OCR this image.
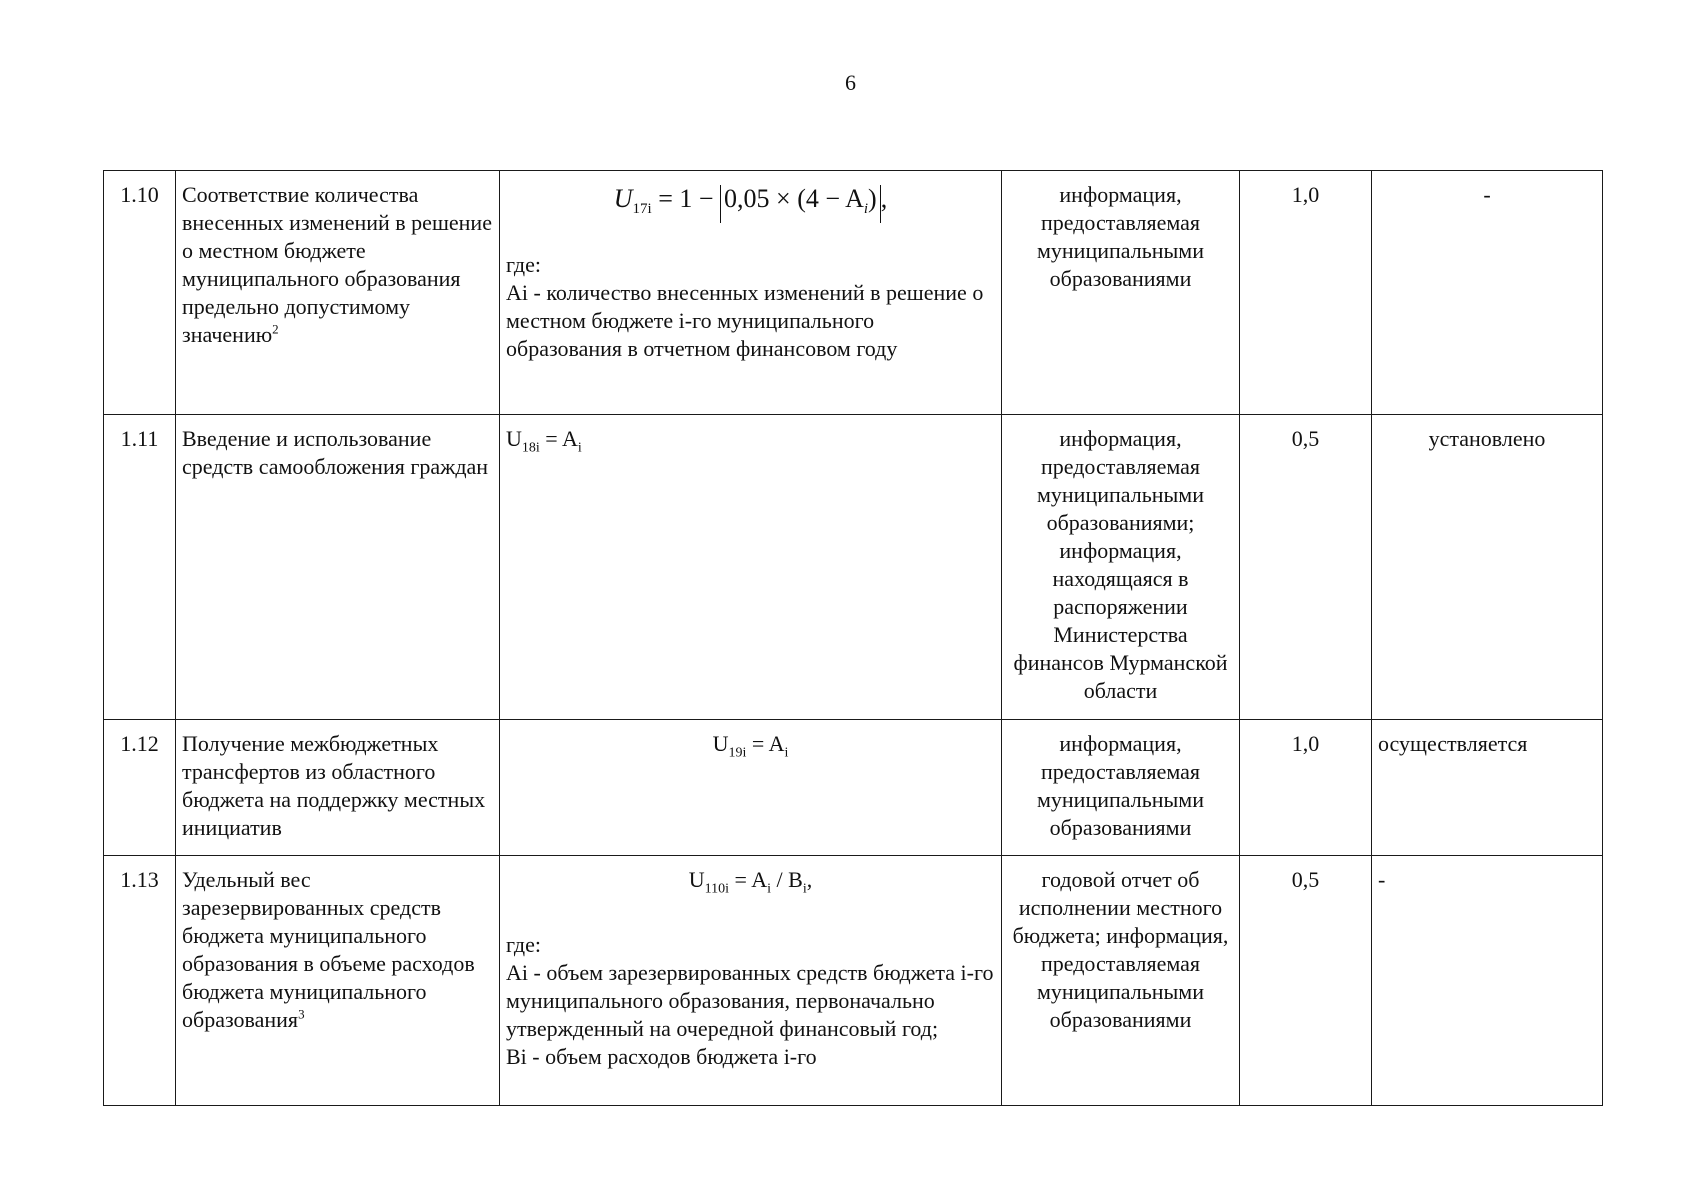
6
1.10	Соответствие количества внесенных изменений в решение о местном бюджете муниципального образования предельно допустимому значению$^2$	$U_{17i} = 1 - 0,05 \times (4 - A_i)$ ,
где:
Ai - количество внесенных изменений в решение о местном бюджете i-го муниципального образования в отчетном финансовом году	информация, предоставляемая муниципальными образованиями	1,0	-
1.11	Введение и использование средств самообложения граждан	$U_{18i} = A_i$	информация, предоставляемая муниципальными образованиями; информация, находящаяся в распоряжении Министерства финансов Мурманской области	0,5	установлено
1.12	Получение межбюджетных трансфертов из областного бюджета на поддержку местных инициатив	$U_{19i} = A_i$	информация, предоставляемая муниципальными образованиями	1,0	осуществляется
1.13	Удельный вес зарезервированных средств бюджета муниципального образования в объеме расходов бюджета муниципального образования$^3$	$U_{110i} = A_i / B_i$,
где:
Ai - объем зарезервированных средств бюджета i-го муниципального образования, первоначально утвержденный на очередной финансовый год;
Bi - объем расходов бюджета i-го	годовой отчет об исполнении местного бюджета; информация, предоставляемая муниципальными образованиями	0,5	-
